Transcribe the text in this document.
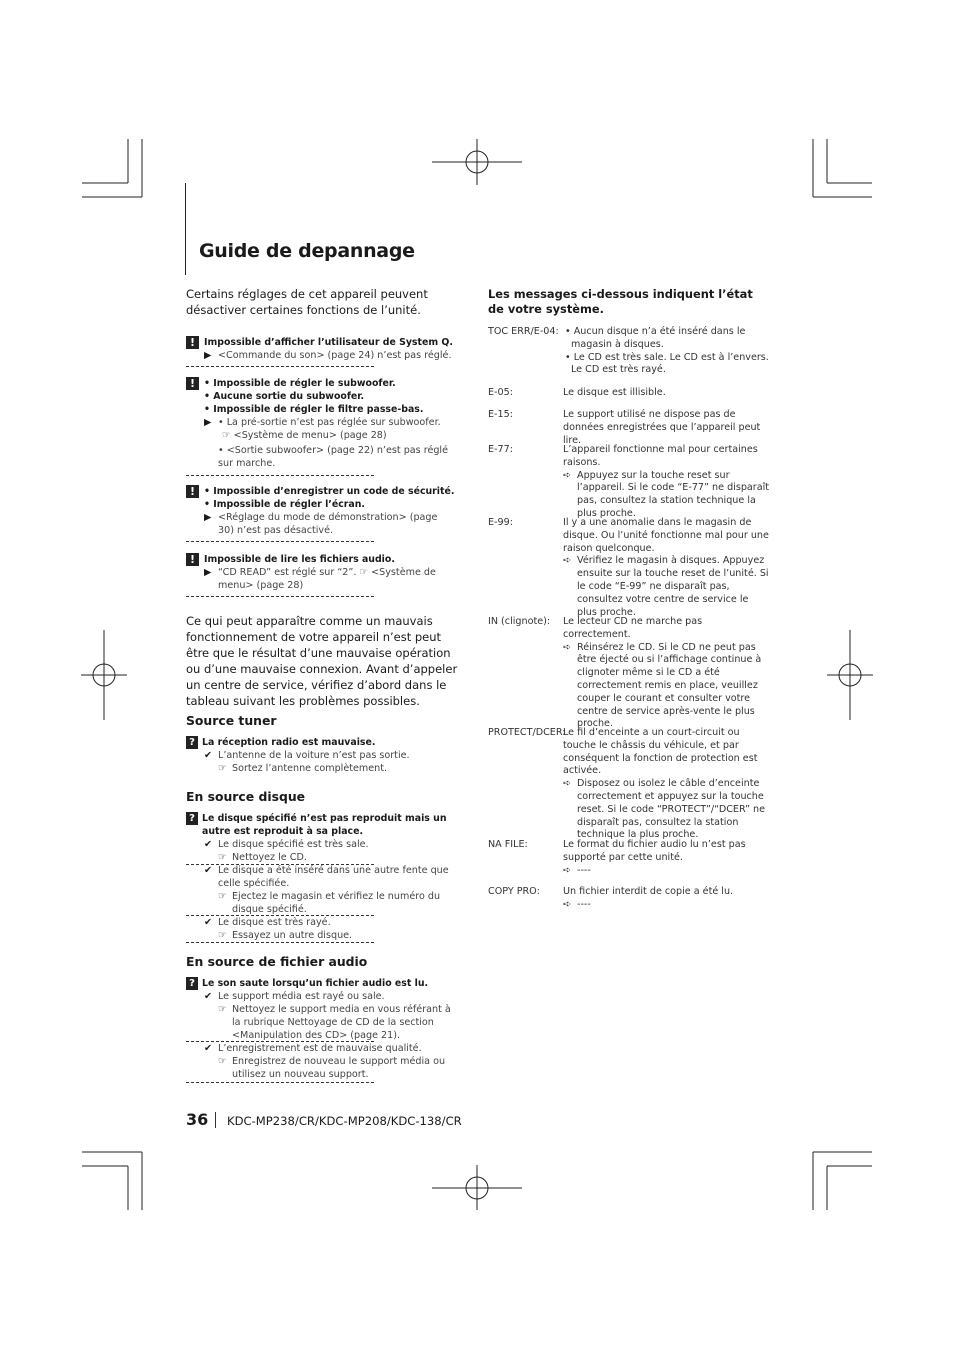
Guide de depannage
Certains réglages de cet appareil peuvent désactiver certaines fonctions de l’unité.
! Impossible d’afficher l’utilisateur de System Q.
▶ <Commande du son> (page 24) n’est pas réglé.
! • Impossible de régler le subwoofer.
• Aucune sortie du subwoofer.
• Impossible de régler le filtre passe-bas.
▶ • La pré-sortie n’est pas réglée sur subwoofer.
☞ <Système de menu> (page 28)
• <Sortie subwoofer> (page 22) n’est pas réglé sur marche.
! • Impossible d’enregistrer un code de sécurité.
• Impossible de régler l’écran.
▶ <Réglage du mode de démonstration> (page 30) n’est pas désactivé.
! Impossible de lire les fichiers audio.
▶ “CD READ” est réglé sur “2”. ☞ <Système de menu> (page 28)
Ce qui peut apparaître comme un mauvais fonctionnement de votre appareil n’est peut être que le résultat d’une mauvaise opération ou d’une mauvaise connexion. Avant d’appeler un centre de service, vérifiez d’abord dans le tableau suivant les problèmes possibles.
Source tuner
? La réception radio est mauvaise.
✔ L’antenne de la voiture n’est pas sortie.
☞ Sortez l’antenne complètement.
En source disque
? Le disque spécifié n’est pas reproduit mais un autre est reproduit à sa place.
✔ Le disque spécifié est très sale.
☞ Nettoyez le CD.
✔ Le disque a été inséré dans une autre fente que celle spécifiée.
☞ Ejectez le magasin et vérifiez le numéro du disque spécifié.
✔ Le disque est très rayé.
☞ Essayez un autre disque.
En source de fichier audio
? Le son saute lorsqu’un fichier audio est lu.
✔ Le support média est rayé ou sale.
☞ Nettoyez le support media en vous référant à la rubrique Nettoyage de CD de la section <Manipulation des CD> (page 21).
✔ L’enregistrement est de mauvaise qualité.
☞ Enregistrez de nouveau le support média ou utilisez un nouveau support.
Les messages ci-dessous indiquent l’état de votre système.
TOC ERR/E-04: • Aucun disque n’a été inséré dans le magasin à disques.
• Le CD est très sale. Le CD est à l’envers. Le CD est très rayé.
E-05:	Le disque est illisible.
E-15:	Le support utilisé ne dispose pas de données enregistrées que l’appareil peut lire.
E-77:	L’appareil fonctionne mal pour certaines raisons.
➪ Appuyez sur la touche reset sur l’appareil. Si le code “E-77” ne disparaît pas, consultez la station technique la plus proche.
E-99:	Il y a une anomalie dans le magasin de disque. Ou l’unité fonctionne mal pour une raison quelconque.
➪ Vérifiez le magasin à disques. Appuyez ensuite sur la touche reset de l’unité. Si le code “E-99” ne disparaît pas, consultez votre centre de service le plus proche.
IN (clignote):	Le lecteur CD ne marche pas correctement.
➪ Réinsérez le CD. Si le CD ne peut pas être éjecté ou si l’affichage continue à clignoter même si le CD a été correctement remis en place, veuillez couper le courant et consulter votre centre de service après-vente le plus proche.
PROTECT/DCER:
Le fil d’enceinte a un court-circuit ou touche le châssis du véhicule, et par conséquent la fonction de protection est activée.
➪ Disposez ou isolez le câble d’enceinte correctement et appuyez sur la touche reset. Si le code “PROTECT”/“DCER” ne disparaît pas, consultez la station technique la plus proche.
NA FILE:	Le format du fichier audio lu n’est pas supporté par cette unité.
➪ ----
COPY PRO:	Un fichier interdit de copie a été lu.
➪ ----
36 KDC-MP238/CR/KDC-MP208/KDC-138/CR
